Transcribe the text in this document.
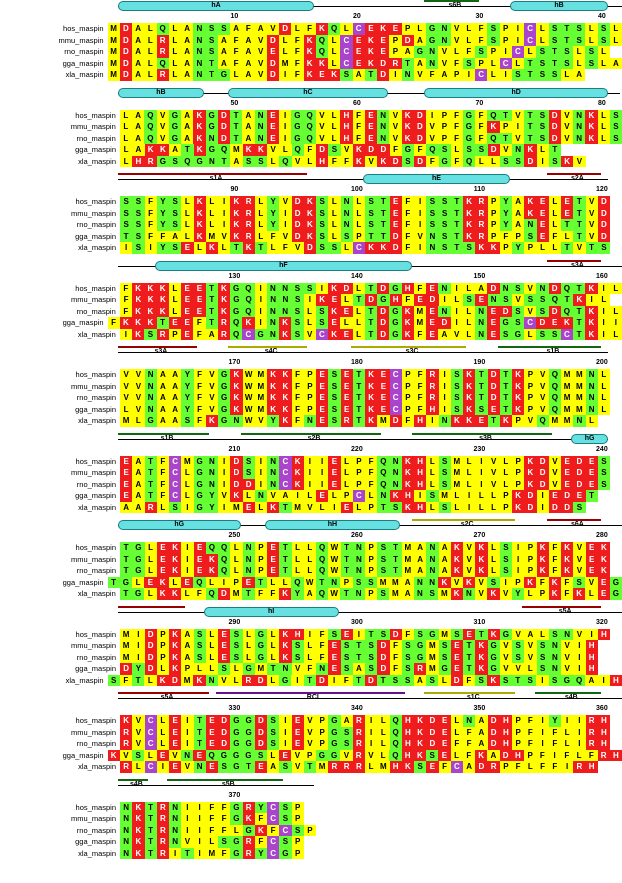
hA	s6B	hB
10	20	30	40
hos_maspin M D A L Q L A N S S A F A V D L F K Q L C E K E P L G N V L F S P	I	C L S T S L S L
mmu_maspin M D A L R L A N S A F A V D L F K Q L C E K E P D A G N V L F S P	I	C L S T S L S L
rno_maspin M D A L R L A N S A F A V E L F K Q L C E K E P A G N V L F S P	I	C L S T S L S L
gga_maspin M D A L Q L A N T A F A V D M F K K L C E K D R T A N V F S P L C L T S T S L S L A
xla_maspin M D A L R L A N T G L A V D	I	F K E K S A T D	I	N V F A P	I	C L	I	S T S S L A
hB	hC	hD
50	60	70	80
hos_maspin L A Q V G A K G D T A N E	I	G Q V L H F E N V K D	I	P F G F Q T V T S D V N K L S
mmu_maspin L A Q V G A K G D T A N E	I	G Q V L H F E N V K D V P F G F K P	I	T S D V N K L S
rno_maspin L A Q V G A K N D T A N E	I	G Q V L H F E N V K D V P F G F Q T V T S D V N K L S
gga_maspin L A K K A T K G Q M K K V L Q F D S V K D D F G F Q S L S S D V N K L T
xla_maspin L H R G S Q G N T A S S L Q V L H F F K V K D S D F G F Q L L S S D	I	S K V
s1A	hE	s2A
90	100	110	120
hos_maspin S S F Y S L K L	I	K R L Y V D K S L N L S T E F	I	S S T K R P Y A K E L E T V D
mmu_maspin S S F Y S L K L	I	K R L Y	I	D K S L N L S T E F	I	S S T K R P Y A K E L E T V D
rno_maspin S S F Y S L K L	I	K R L Y	I	D K S L N L S T E F	I	S S T K R P Y A N E L T T V D
gga_maspin T S F F A L K M V K R L F V D K S L S P T T D F V N S T K R P F P S E F L T V D
xla_maspin	I	S	I	Y S E L K L T K T L F V D S S L C K K D F	I	N S T S K K P Y P L L T V T S
hF	s3A
130	140	150	160
hos_maspin F K K K L E E T K G Q	I	N N S S	I	K D L T D G H F E N	I	L A D N S V N D Q T K	I	L
mmu_maspin F K K K L E E T K G Q	I	N N S	I	K E L T D G H F E D	I	L S E N S V S S Q T K	I	L
rno_maspin F K K K L E E T K G Q	I	N N S L S K E L T D G K M E N	I	L N E D S V S D Q T K	I	L
gga_maspin F K K K T E E F T R Q K	I	N K S L S E L L T D G K M E D	I	L N E G S C D E K T K	I	I
xla_maspin	I	K S R P E F A R Q C G N K S V C K E L T D G K F E A V L N E S G L S S C T K	I	L
s3A	s4C	s3C	s1B
170	180	190	200
hos_maspin V V N A A Y F V G K W M K K F P E S E T K E C P F R	I	S K T D T K P V Q M M N L
mmu_maspin V V N A A Y F V G K W M K K F P E S E T K E C P F R	I	S K T D T K P V Q M M N L
rno_maspin V V N A A Y F V G K W M K K F P E S E T K E C P F R	I	S K T D T K P V Q M M N L
gga_maspin L V N A A Y F V G K W M K K F P E S E T K E C P F H	I	S K S E T K P V Q M M N L
xla_maspin M L G A A S F K G N W V Y K F N E S R T K M D F H	I	N K K E T K P V Q M M N L
s1B	s2B	s3B	hG
210	220	230	240
hos_maspin E A T F C M G N	I	D S	I	N C K	I	I	E L P F Q N K H L S M L	I	V L P K D V E D E S
mmu_maspin E A T F C L G N	I	D S	I	N C K	I	I	E L P F Q N K H L S M L	I	V L P K D V E D E S
rno_maspin E A T F C L G N	I	D D	I	N C K	I	I	E L P F Q N K H L S M L	I	V L P K D V E D E S
gga_maspin E A T F C L G Y V K L N V A	I	L E L P C L N K H	I	S M L	I	L L P K D	I	E D E T
xla_maspin A A R L S	I	G Y	I M E L K T M V L	I	E L P T S K H L S L	I	L L P K D	I	D D S
hG	hH	s2C	s6A
250	260	270	280
hos_maspin T G L E K	I	E Q Q L N P E T L L Q W T N P S T M A N A K V K L S	I	P K F K V E K
mmu_maspin T G L E K	I	E K Q L N P E T L L Q W T N P S T M A N A K V K L S	I	P K F K V E K
rno_maspin T G L E K	I	E K Q L N P E T L L Q W T N P S T M A N A K V K L S	I	P K F K V E K
gga_maspin T G L E K L E Q L	I	P E T L L Q W T N P S S M M A N N K V K V S	I	P K F K F S V E G
xla_maspin T G L K K L F Q D M T F F K Y A Q W T N P S M A N S M K N V K V Y L P K F K L E G
hI	s5A
290	300	310	320
hos_maspin M I	D P K A S L E S L G L K H	I	F S E	I	T S D F S G M S E T K G V A L S N V	I	H
mmu_maspin M I	D P K A S L E S L G L K S L F E S T S D F S G M S E T K G V S V S N V	I	H
rno_maspin M I	D P K A S L E S L G L K S L F E S T S D F S G M S E T K G V S V S N V	I	H
gga_maspin D Y D L K P L L S L G M T N V F N E S A S D F S R M G E T K G V V L S N V	I	H
xla_maspin S F T L K D M K N V L R D L G	I	T D	I	F T D T S S A S L D F S K S T S	I	S G Q A	I	H
s5A	RCL	s1C	s4B
330	340	350	360
hos_maspin K V C L E	I	T E D G G D S	I	E V P G A R	I	L Q H K D E L N A D H P F	I	Y	I	I	R H
mmu_maspin R V C L E	I	T E D G G D S	I	E V P G S R	I	L Q H K D E L F A D H P F	I	F L	I	R H
rno_maspin R V C L E	I	T E D G G D S	I	E V P G S R	I	L Q H K D E F F A D H P F	I	F L	I	R H
gga_maspin K V S L E V N E Q G G G S L E V P G G V R V L Q H K S E L F K A D H P F	I	F L F R H
xla_maspin R L C	I	E V N E S G T E A S V T M R R R L M H K S E F C A D R P F L F F	I	R H
s4B	s5B
370
hos_maspin N K T R N	I	I	F F G R Y C S P
mmu_maspin N K T R N	I	I	F F G K F C S P
rno_maspin N K T R N	I	I	F F L G K F C S P
gga_maspin N K T R N V	I	L S G R F C S P
xla_maspin N K T R	I	T	I M F G R Y C G P
